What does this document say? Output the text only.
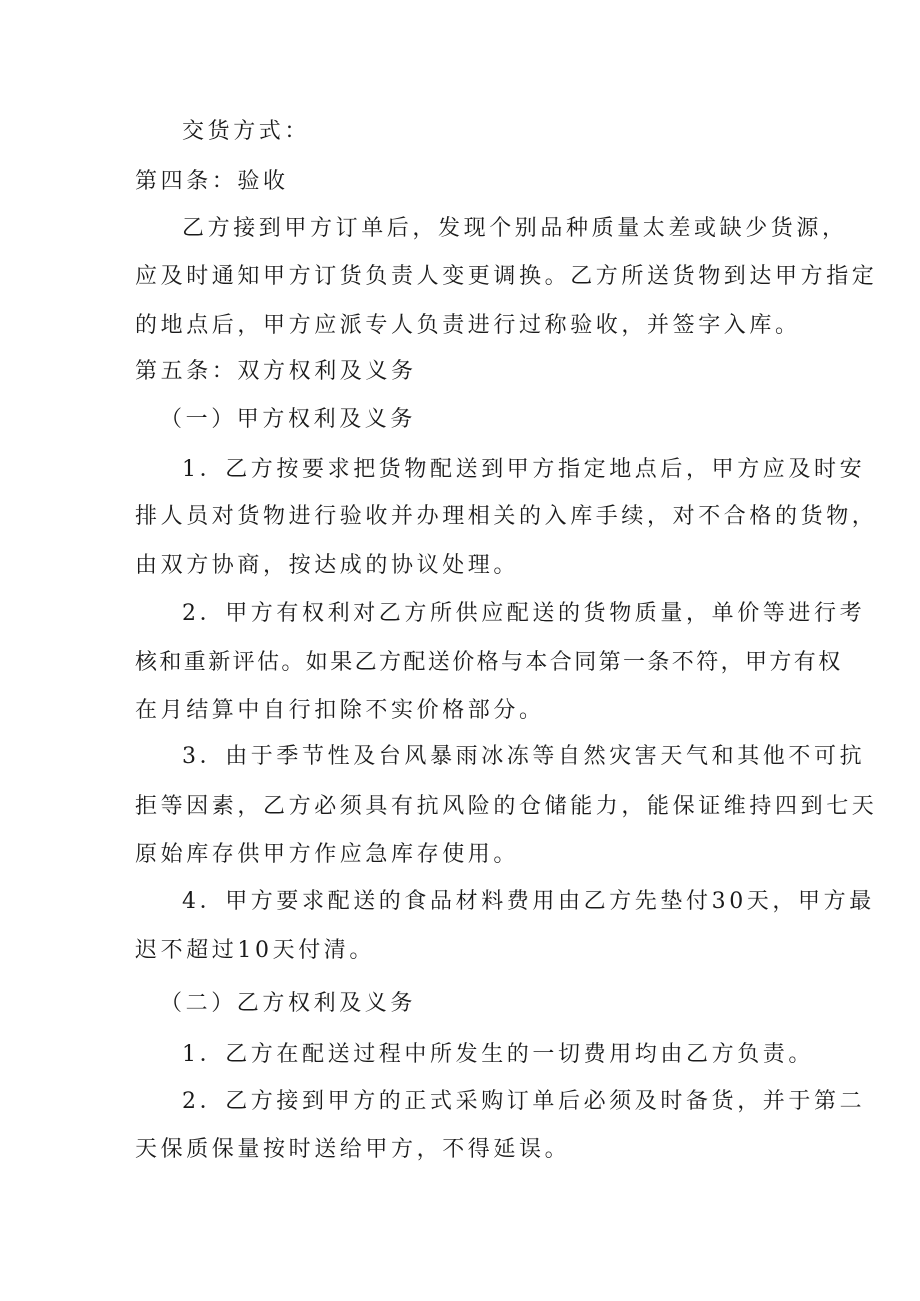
交货方式：
第四条：验收
乙方接到甲方订单后，发现个别品种质量太差或缺少货源，
应及时通知甲方订货负责人变更调换。乙方所送货物到达甲方指定
的地点后，甲方应派专人负责进行过称验收，并签字入库。
第五条：双方权利及义务
（一）甲方权利及义务
1．乙方按要求把货物配送到甲方指定地点后，甲方应及时安
排人员对货物进行验收并办理相关的入库手续，对不合格的货物，
由双方协商，按达成的协议处理。
2．甲方有权利对乙方所供应配送的货物质量，单价等进行考
核和重新评估。如果乙方配送价格与本合同第一条不符，甲方有权
在月结算中自行扣除不实价格部分。
3．由于季节性及台风暴雨冰冻等自然灾害天气和其他不可抗
拒等因素，乙方必须具有抗风险的仓储能力，能保证维持四到七天
原始库存供甲方作应急库存使用。
4．甲方要求配送的食品材料费用由乙方先垫付30天，甲方最
迟不超过10天付清。
（二）乙方权利及义务
1．乙方在配送过程中所发生的一切费用均由乙方负责。
2．乙方接到甲方的正式采购订单后必须及时备货，并于第二
天保质保量按时送给甲方，不得延误。
